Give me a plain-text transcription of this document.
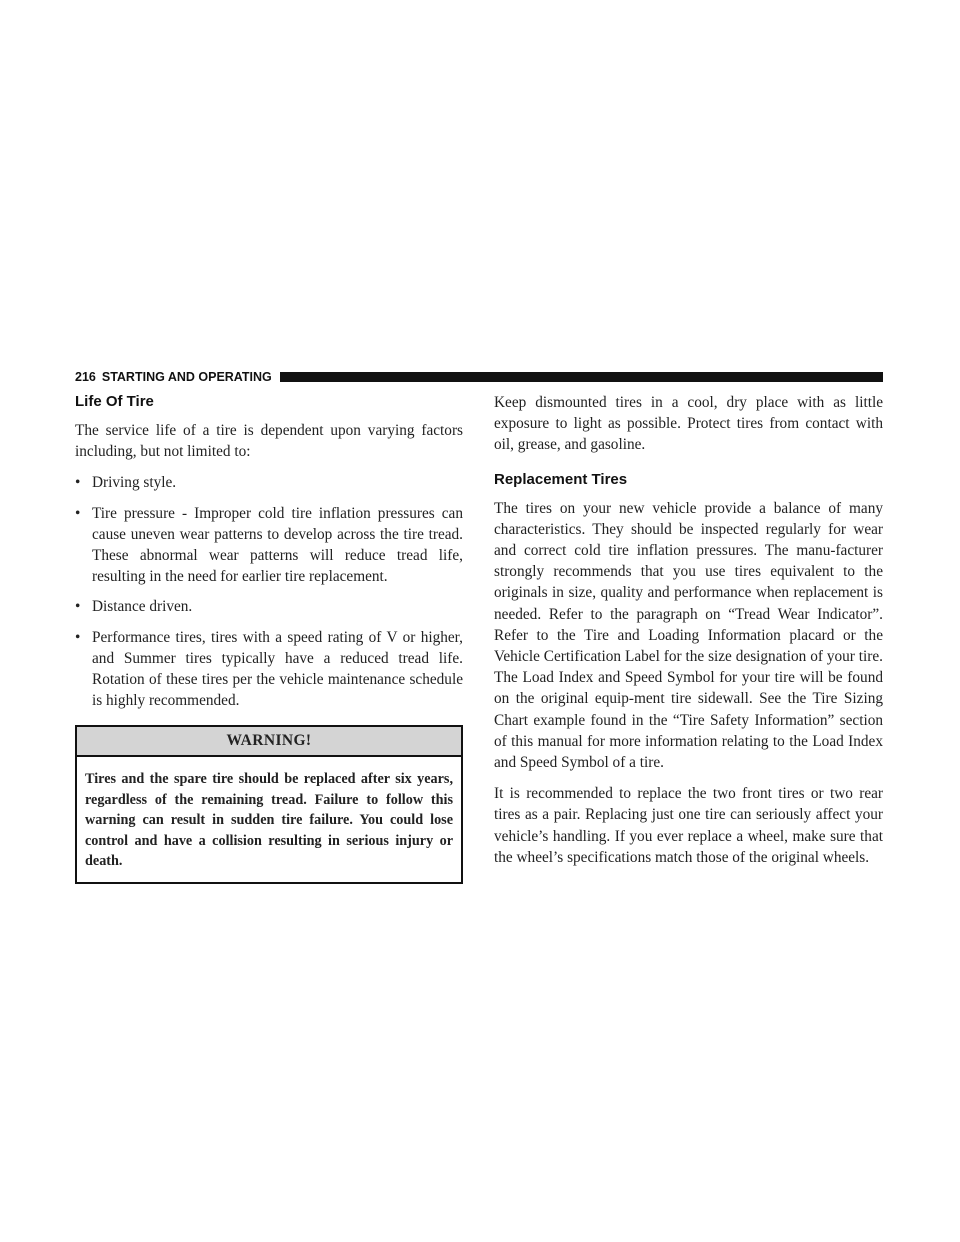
216 STARTING AND OPERATING
Life Of Tire

The service life of a tire is dependent upon varying factors including, but not limited to:

• Driving style.
• Tire pressure - Improper cold tire inflation pressures can cause uneven wear patterns to develop across the tire tread. These abnormal wear patterns will reduce tread life, resulting in the need for earlier tire replacement.
• Distance driven.
• Performance tires, tires with a speed rating of V or higher, and Summer tires typically have a reduced tread life. Rotation of these tires per the vehicle maintenance schedule is highly recommended.
WARNING!
Tires and the spare tire should be replaced after six years, regardless of the remaining tread. Failure to follow this warning can result in sudden tire failure. You could lose control and have a collision resulting in serious injury or death.

Keep dismounted tires in a cool, dry place with as little exposure to light as possible. Protect tires from contact with oil, grease, and gasoline.

Replacement Tires

The tires on your new vehicle provide a balance of many characteristics. They should be inspected regularly for wear and correct cold tire inflation pressures. The manu-facturer strongly recommends that you use tires equivalent to the originals in size, quality and performance when replacement is needed. Refer to the paragraph on “Tread Wear Indicator”. Refer to the Tire and Loading Information placard or the Vehicle Certification Label for the size designation of your tire. The Load Index and Speed Symbol for your tire will be found on the original equip-ment tire sidewall. See the Tire Sizing Chart example found in the “Tire Safety Information” section of this manual for more information relating to the Load Index and Speed Symbol of a tire.

It is recommended to replace the two front tires or two rear tires as a pair. Replacing just one tire can seriously affect your vehicle’s handling. If you ever replace a wheel, make sure that the wheel’s specifications match those of the original wheels.
